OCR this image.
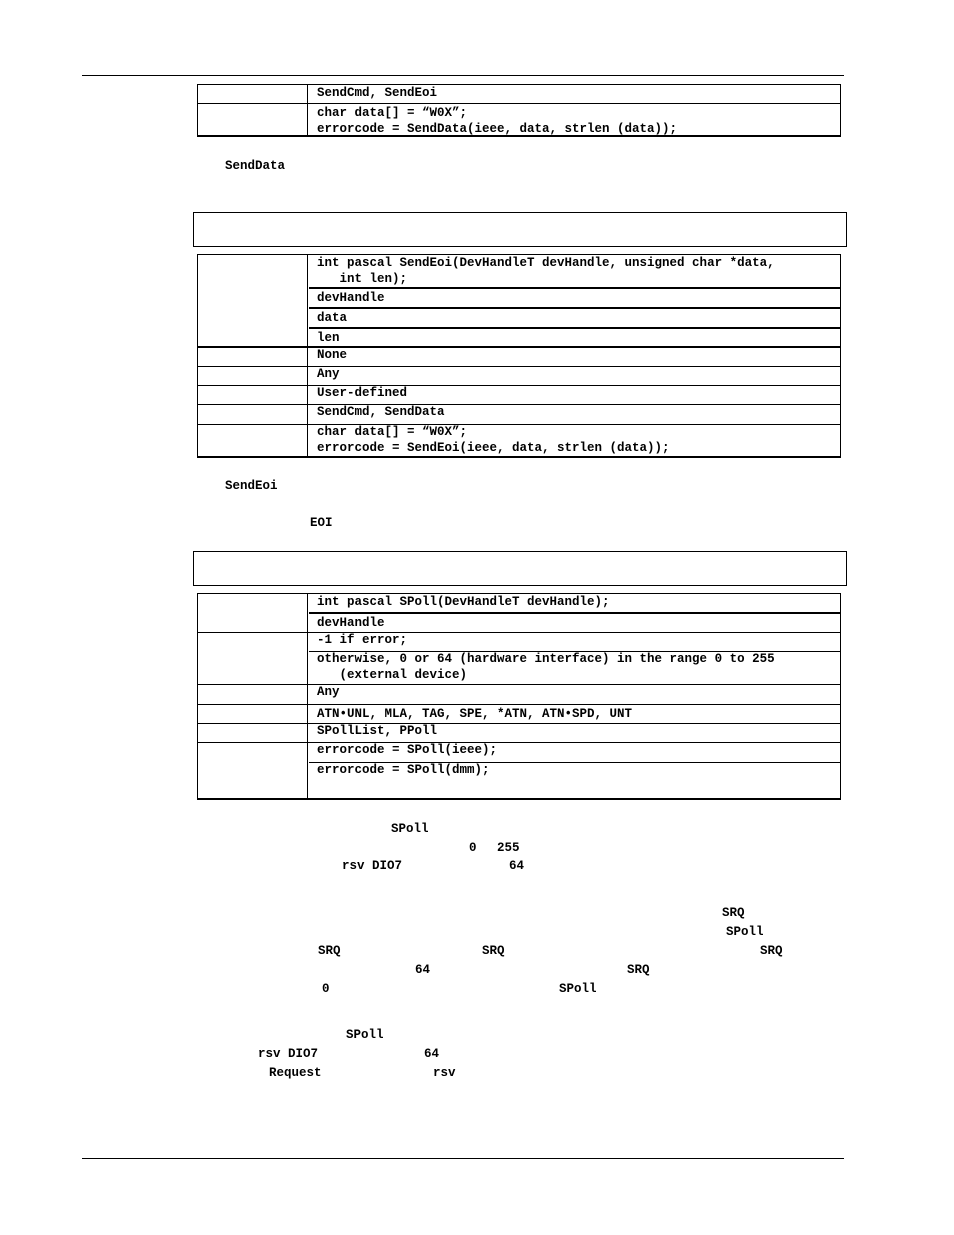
SendCmd, SendEoi
char data[] = “W0X”;
errorcode = SendData(ieee, data, strlen (data));
SendData
int pascal SendEoi(DevHandleT devHandle, unsigned char *data,
int len);
devHandle
data
len
None
Any
User-defined
SendCmd, SendData
char data[] = “W0X”;
errorcode = SendEoi(ieee, data, strlen (data));
SendEoi
EOI
int pascal SPoll(DevHandleT devHandle);
devHandle
-1 if error;
otherwise, 0 or 64 (hardware interface) in the range 0 to 255
(external device)
Any
ATN•UNL, MLA, TAG, SPE, *ATN, ATN•SPD, UNT
SPollList, PPoll
errorcode = SPoll(ieee);
errorcode = SPoll(dmm);
SPoll
0 255
rsv DIO7	64
SRQ
SPoll
SRQ	SRQ	SRQ
64	SRQ
0	SPoll
SPoll
rsv DIO7	64
Request	rsv
